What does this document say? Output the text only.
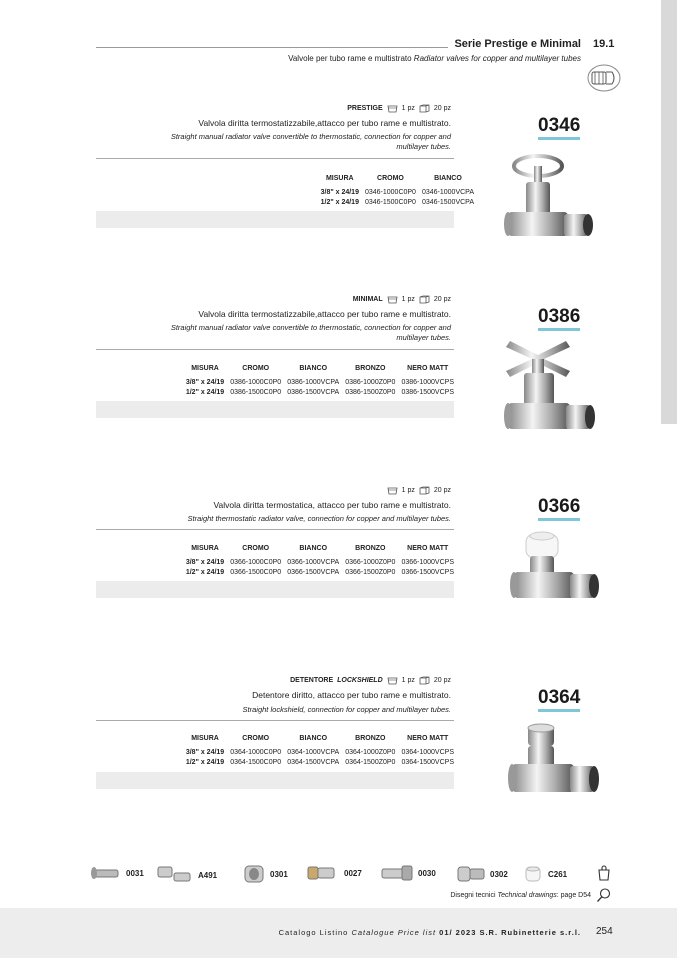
Serie Prestige e Minimal 19.1
Valvole per tubo rame e multistrato Radiator valves for copper and multilayer tubes
PRESTIGE	1 pz	20 pz
Valvola diritta termostatizzabile,attacco per tubo rame e multistrato.
Straight manual radiator valve convertible to thermostatic, connection for copper and
multilayer tubes.
MISURA	CROMO	BIANCO
3/8" x 24/19	0346-1000C0P0	0346-1000VCPA
1/2" x 24/19	0346-1500C0P0	0346-1500VCPA
0346
MINIMAL	1 pz	20 pz
Valvola diritta termostatizzabile,attacco per tubo rame e multistrato.
Straight manual radiator valve convertible to thermostatic, connection for copper and
multilayer tubes.
MISURA	CROMO	BIANCO	BRONZO	NERO MATT
3/8" x 24/19	0386-1000C0P0	0386-1000VCPA	0386-1000Z0P0	0386-1000VCPS
1/2" x 24/19	0386-1500C0P0	0386-1500VCPA	0386-1500Z0P0	0386-1500VCPS
0386
1 pz	20 pz
Valvola diritta termostatica, attacco per tubo rame e multistrato.
Straight thermostatic radiator valve, connection for copper and multilayer tubes.
MISURA	CROMO	BIANCO	BRONZO	NERO MATT
3/8" x 24/19	0366-1000C0P0	0366-1000VCPA	0366-1000Z0P0	0366-1000VCPS
1/2" x 24/19	0366-1500C0P0	0366-1500VCPA	0366-1500Z0P0	0366-1500VCPS
0366
DETENTORE LOCKSHIELD	1 pz	20 pz
Detentore diritto, attacco per tubo rame e multistrato.
Straight lockshield, connection for copper and multilayer tubes.
MISURA	CROMO	BIANCO	BRONZO	NERO MATT
3/8" x 24/19	0364-1000C0P0	0364-1000VCPA	0364-1000Z0P0	0364-1000VCPS
1/2" x 24/19	0364-1500C0P0	0364-1500VCPA	0364-1500Z0P0	0364-1500VCPS
0364
0031	A491	0301	0027	0030	0302	C261
Disegni tecnici Technical drawings: page D54
Catalogo Listino Catalogue Price list 01/ 2023 S.R. Rubinetterie s.r.l. 254
